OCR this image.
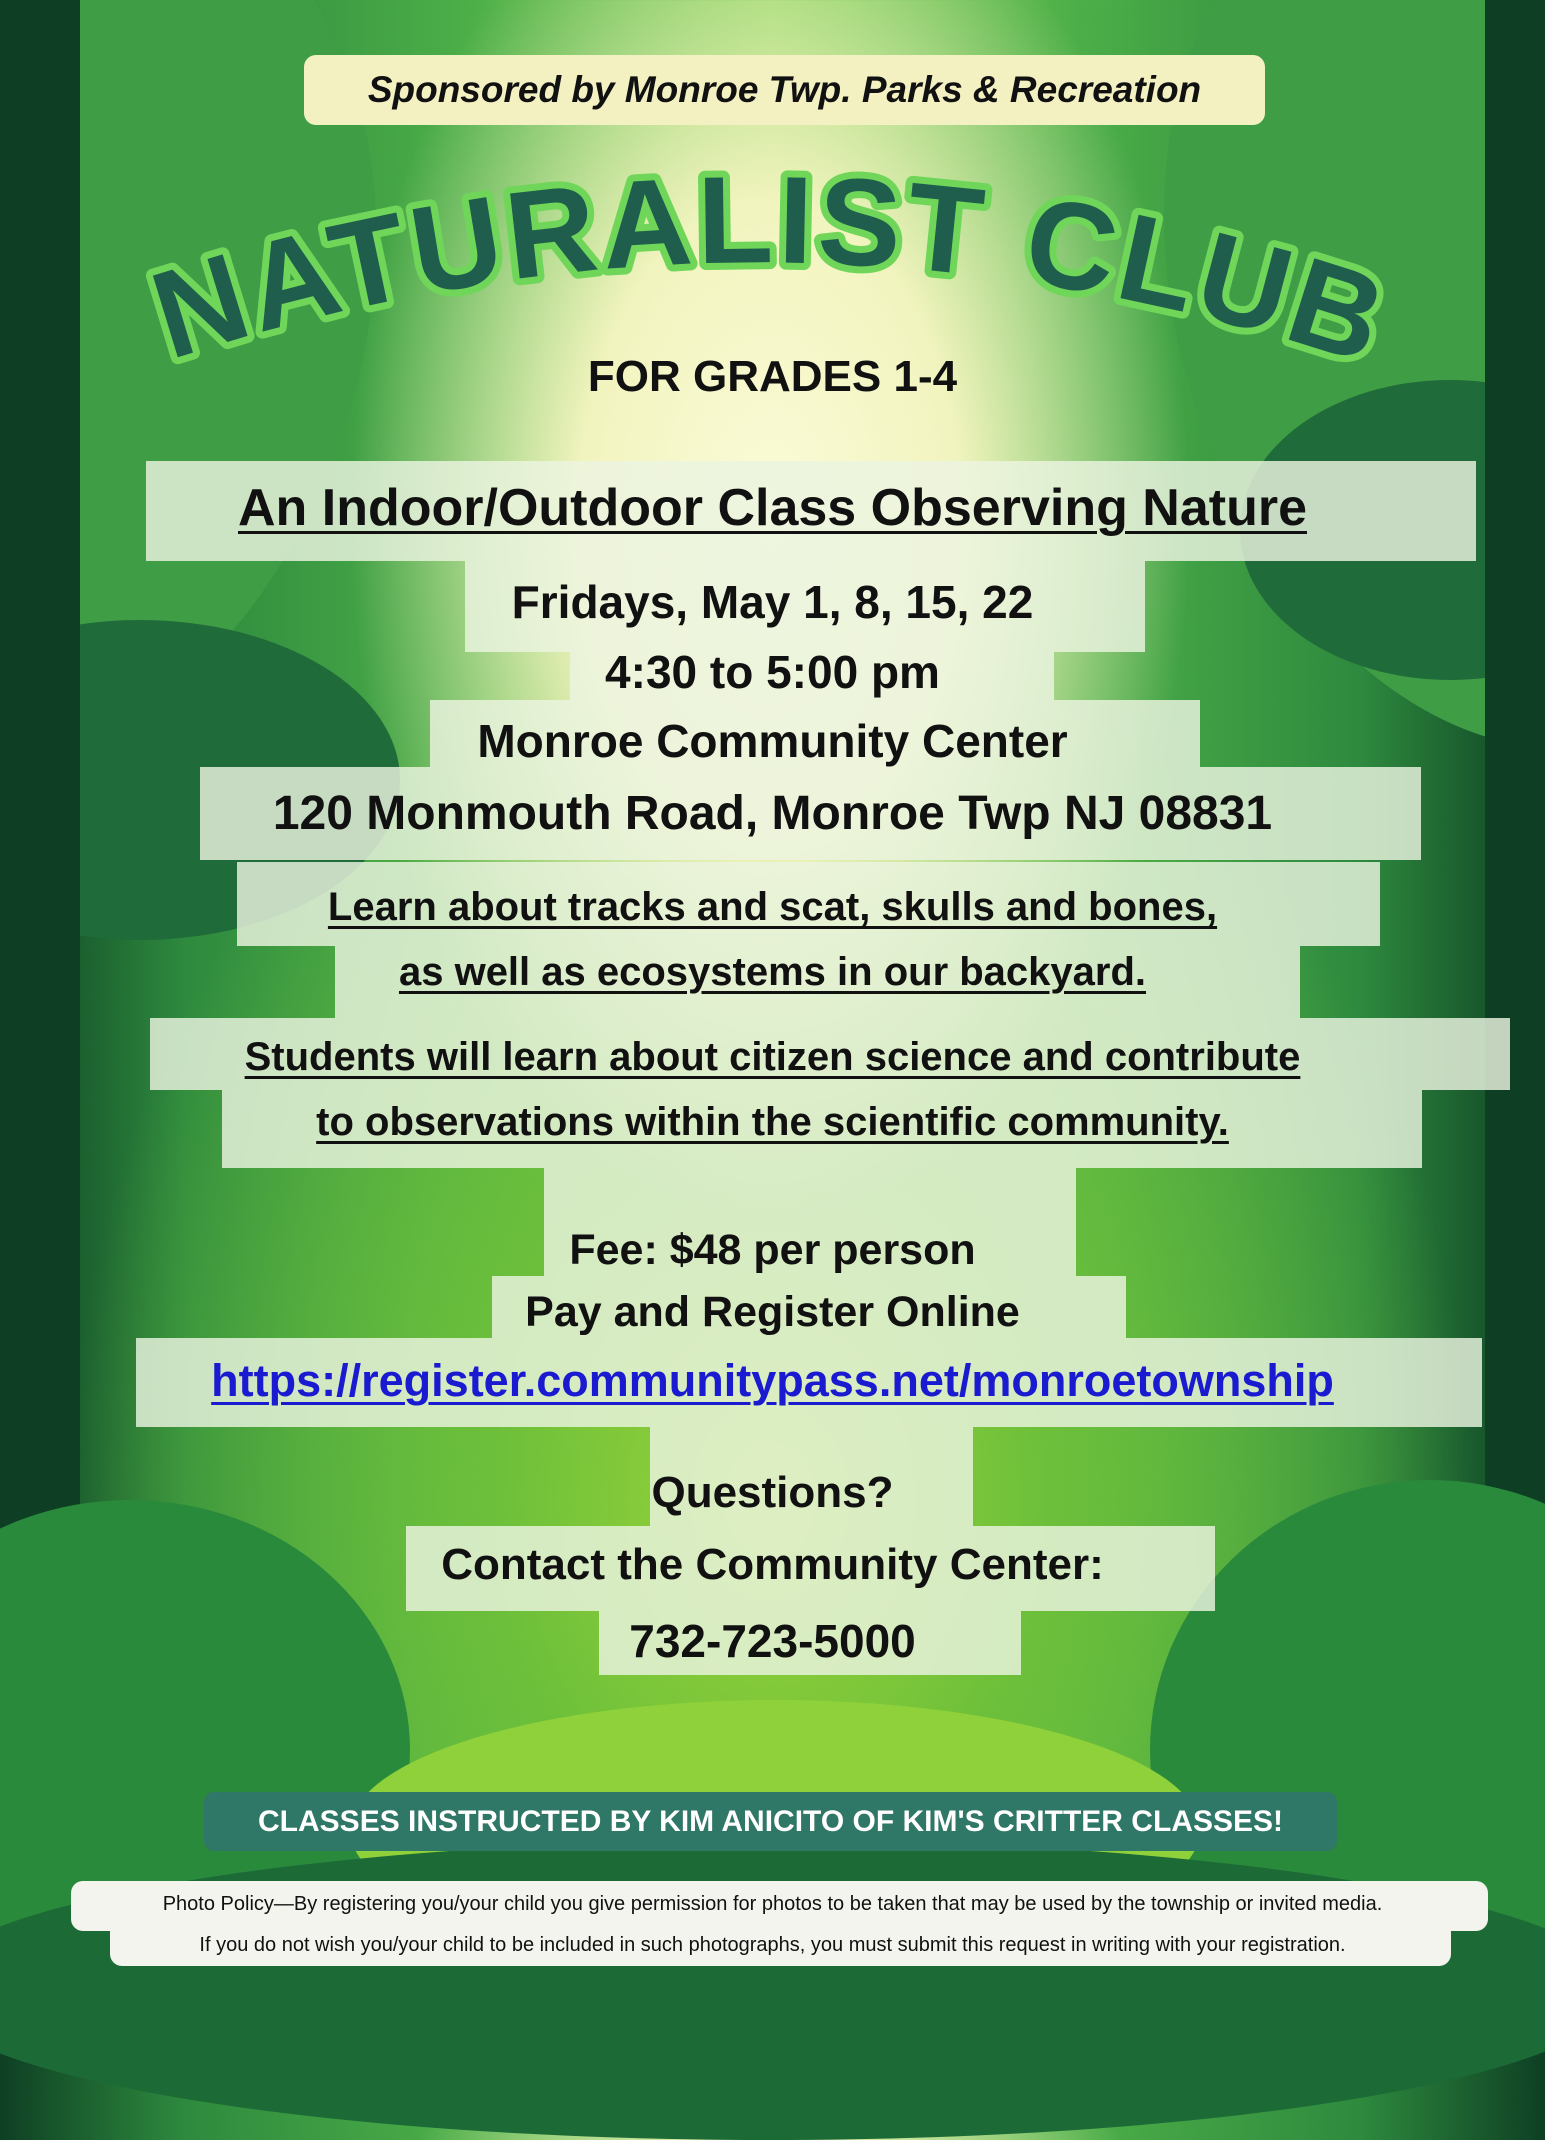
Sponsored by Monroe Twp. Parks & Recreation
NATURALIST CLUB
FOR GRADES 1-4
An Indoor/Outdoor Class Observing Nature
Fridays, May 1, 8, 15, 22
4:30 to 5:00 pm
Monroe Community Center
120 Monmouth Road, Monroe Twp NJ 08831
Learn about tracks and scat, skulls and bones,
as well as ecosystems in our backyard.
Students will learn about citizen science and contribute
to observations within the scientific community.
Fee: $48 per person
Pay and Register Online
https://register.communitypass.net/monroetownship
Questions?
Contact the Community Center:
732-723-5000
CLASSES INSTRUCTED BY KIM ANICITO OF KIM'S CRITTER CLASSES!
Photo Policy—By registering you/your child you give permission for photos to be taken that may be used by the township or invited media.
If you do not wish you/your child to be included in such photographs, you must submit this request in writing with your registration.
